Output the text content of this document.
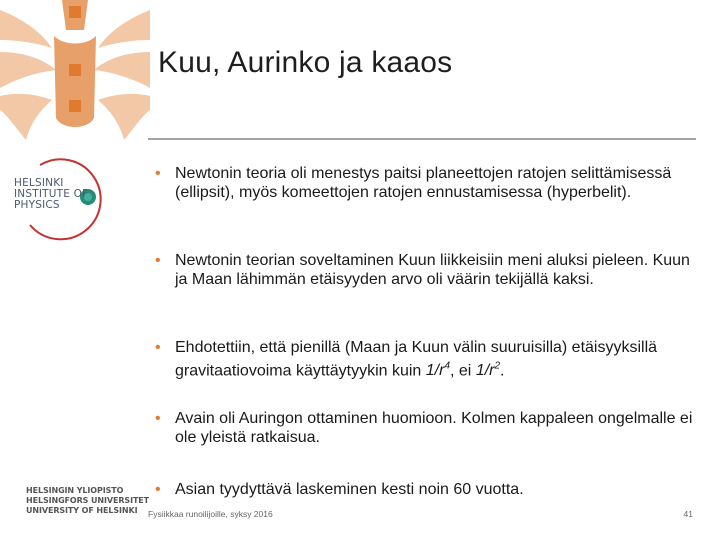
Kuu, Aurinko ja kaaos
HELSINKI
INSTITUTE OF
PHYSICS
• Newtonin teoria oli menestys paitsi planeettojen ratojen selittämisessä (ellipsit), myös komeettojen ratojen ennustamisessa (hyperbelit).
• Newtonin teorian soveltaminen Kuun liikkeisiin meni aluksi pieleen. Kuun ja Maan lähimmän etäisyyden arvo oli väärin tekijällä kaksi.
• Ehdotettiin, että pienillä (Maan ja Kuun välin suuruisilla) etäisyyksillä gravitaatiovoima käyttäytyykin kuin $1/r^4$, ei $1/r^2$.
• Avain oli Auringon ottaminen huomioon. Kolmen kappaleen ongelmalle ei ole yleistä ratkaisua.
• Asian tyydyttävä laskeminen kesti noin 60 vuotta.
HELSINGIN YLIOPISTO
HELSINGFORS UNIVERSITET
UNIVERSITY OF HELSINKI	Fysiikkaa runoilijoille, syksy 2016	41
